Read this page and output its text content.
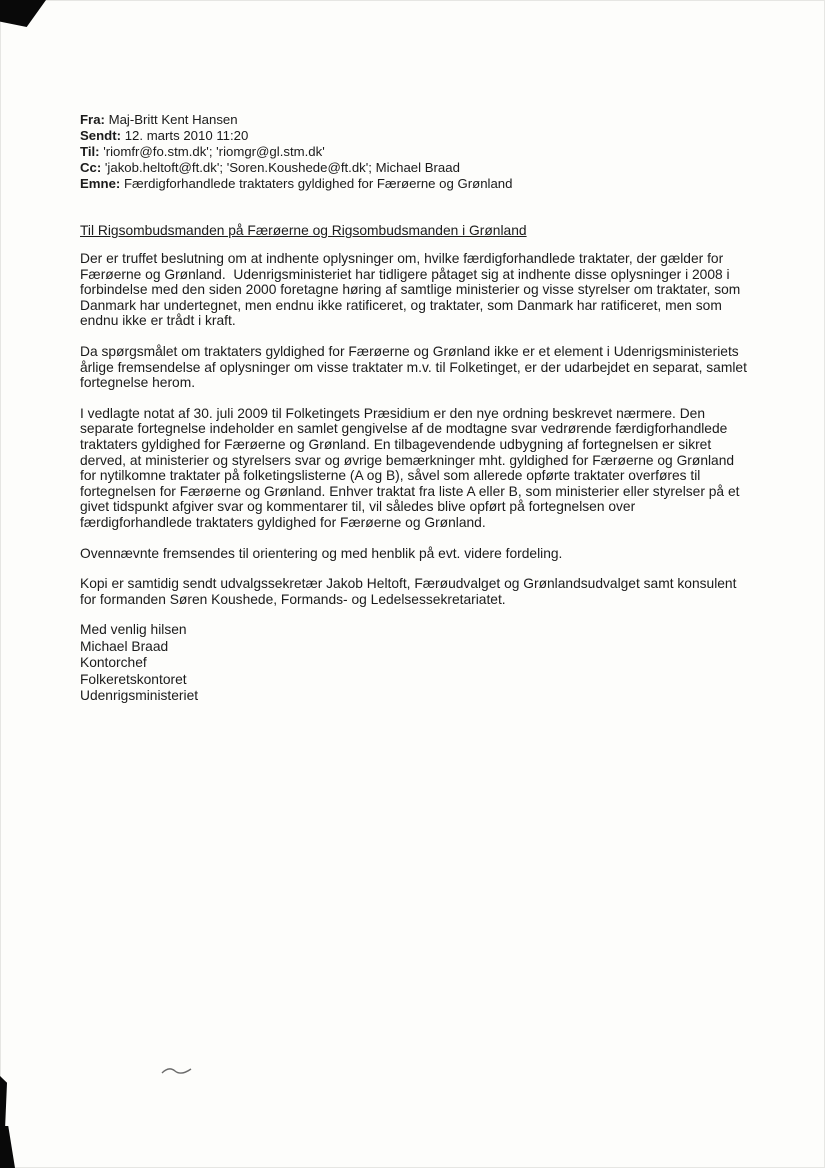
Fra: Maj-Britt Kent Hansen
Sendt: 12. marts 2010 11:20
Til: 'riomfr@fo.stm.dk'; 'riomgr@gl.stm.dk'
Cc: 'jakob.heltoft@ft.dk'; 'Soren.Koushede@ft.dk'; Michael Braad
Emne: Færdigforhandlede traktaters gyldighed for Færøerne og Grønland
Til Rigsombudsmanden på Færøerne og Rigsombudsmanden i Grønland

Der er truffet beslutning om at indhente oplysninger om, hvilke færdigforhandlede traktater, der gælder for Færøerne og Grønland.  Udenrigsministeriet har tidligere påtaget sig at indhente disse oplysninger i 2008 i forbindelse med den siden 2000 foretagne høring af samtlige ministerier og visse styrelser om traktater, som Danmark har undertegnet, men endnu ikke ratificeret, og traktater, som Danmark har ratificeret, men som endnu ikke er trådt i kraft.

Da spørgsmålet om traktaters gyldighed for Færøerne og Grønland ikke er et element i Udenrigsministeriets årlige fremsendelse af oplysninger om visse traktater m.v. til Folketinget, er der udarbejdet en separat, samlet fortegnelse herom.

I vedlagte notat af 30. juli 2009 til Folketingets Præsidium er den nye ordning beskrevet nærmere. Den separate fortegnelse indeholder en samlet gengivelse af de modtagne svar vedrørende færdigforhandlede traktaters gyldighed for Færøerne og Grønland. En tilbagevendende udbygning af fortegnelsen er sikret derved, at ministerier og styrelsers svar og øvrige bemærkninger mht. gyldighed for Færøerne og Grønland for nytilkomne traktater på folketingslisterne (A og B), såvel som allerede opførte traktater overføres til fortegnelsen for Færøerne og Grønland. Enhver traktat fra liste A eller B, som ministerier eller styrelser på et givet tidspunkt afgiver svar og kommentarer til, vil således blive opført på fortegnelsen over færdigforhandlede traktaters gyldighed for Færøerne og Grønland.

Ovennævnte fremsendes til orientering og med henblik på evt. videre fordeling.

Kopi er samtidig sendt udvalgssekretær Jakob Heltoft, Færøudvalget og Grønlandsudvalget samt konsulent for formanden Søren Koushede, Formands- og Ledelsessekretariatet.

Med venlig hilsen
Michael Braad
Kontorchef
Folkeretskontoret
Udenrigsministeriet
